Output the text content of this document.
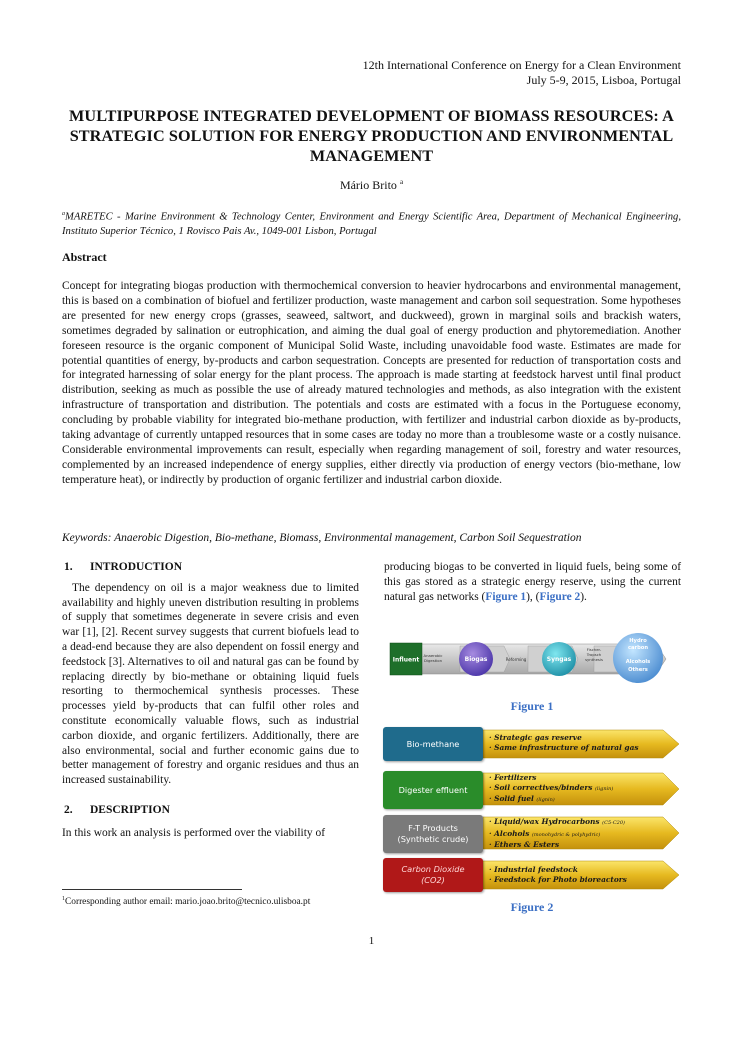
12th International Conference on Energy for a Clean Environment
July 5-9, 2015, Lisboa, Portugal
MULTIPURPOSE INTEGRATED DEVELOPMENT OF BIOMASS RESOURCES: A STRATEGIC SOLUTION FOR ENERGY PRODUCTION AND ENVIRONMENTAL MANAGEMENT
Mário Brito $^a$
$^a$MARETEC - Marine Environment & Technology Center, Environment and Energy Scientific Area, Department of Mechanical Engineering, Instituto Superior Técnico, 1 Rovisco Pais Av., 1049-001 Lisbon, Portugal
Abstract
Concept for integrating biogas production with thermochemical conversion to heavier hydrocarbons and environmental management, this is based on a combination of biofuel and fertilizer production, waste management and carbon soil sequestration. Some hypotheses are presented for new energy crops (grasses, seaweed, saltwort, and duckweed), grown in marginal soils and brackish waters, sometimes degraded by salination or eutrophication, and aiming the dual goal of energy production and phytoremediation. Another foreseen resource is the organic component of Municipal Solid Waste, including unavoidable food waste. Estimates are made for potential quantities of energy, by-products and carbon sequestration. Concepts are presented for reduction of transportation costs and for integrated harnessing of solar energy for the plant process. The approach is made starting at feedstock harvest until final product distribution, seeking as much as possible the use of already matured technologies and methods, as also integration with the existent infrastructure of transportation and distribution. The potentials and costs are estimated with a focus in the Portuguese economy, concluding by probable viability for integrated bio-methane production, with fertilizer and industrial carbon dioxide as by-products, taking advantage of currently untapped resources that in some cases are today no more than a troublesome waste or a costly nuisance. Considerable environmental improvements can result, especially when regarding management of soil, forestry and water resources, complemented by an increased independence of energy supplies, either directly via production of energy vectors (bio-methane, low temperature heat), or indirectly by production of organic fertilizer and industrial carbon dioxide.
Keywords: Anaerobic Digestion, Bio-methane, Biomass, Environmental management, Carbon Soil Sequestration

1. INTRODUCTION

The dependency on oil is a major weakness due to limited availability and highly uneven distribution resulting in problems of supply that sometimes degenerate in severe crisis and even war [1], [2]. Recent survey suggests that current biofuels lead to a dead-end because they are also dependent on fossil energy and feedstock [3]. Alternatives to oil and natural gas can be found by replacing directly by bio-methane or obtaining liquid fuels resorting to thermochemical synthesis processes. These processes yield by-products that can fulfil other roles and constitute economically valuable flows, such as industrial carbon dioxide, and organic fertilizers. Additionally, there are also environmental, social and further economic gains due to better management of forestry and organic residues and thus an increased sustainability.

2. DESCRIPTION

In this work an analysis is performed over the viability of

producing biogas to be converted in liquid fuels, being some of this gas stored as a strategic energy reserve, using the current natural gas networks (Figure 1), (Figure 2).
Influent
Anaerobic
Digestion	Biogas	Reforming	Syngas
Fischer-
Tropsch
synthesis
Hydro
carbon
Alcohols
Others
Figure 1
Bio-methane
· Strategic gas reserve
· Same infrastructure of natural gas
Digester effluent
· Fertilizers
· Soil correctives/binders (lignin)
· Solid fuel (lignin)
F-T Products
(Synthetic crude)
· Liquid/wax Hydrocarbons (C5-C20)
· Alcohols (monohydric & polyhydric)
· Ethers & Esters
Carbon Dioxide
(CO2)
· Industrial feedstock
· Feedstock for Photo bioreactors
Figure 2
$^1$Corresponding author email: mario.joao.brito@tecnico.ulisboa.pt
1
